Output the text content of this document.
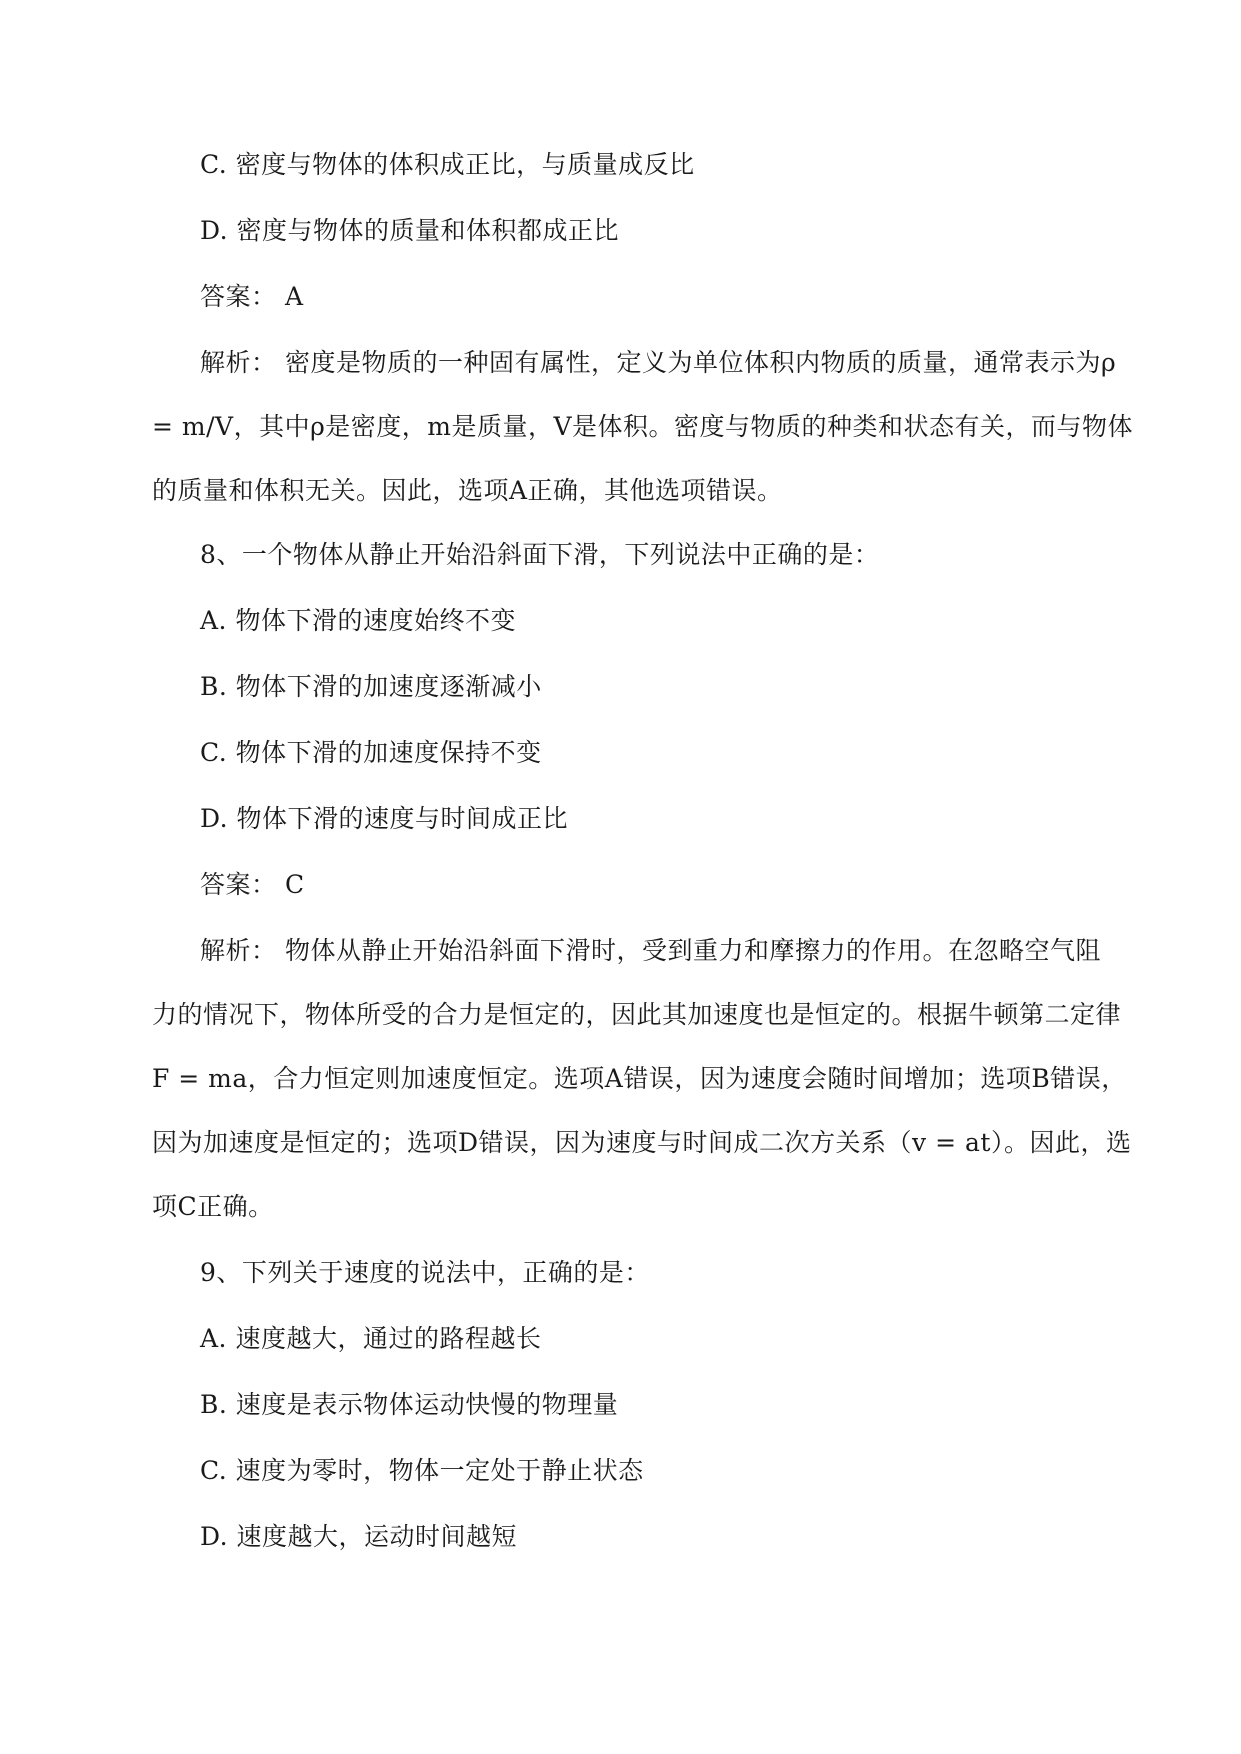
C. 密度与物体的体积成正比，与质量成反比
D. 密度与物体的质量和体积都成正比
答案： A
解析： 密度是物质的一种固有属性，定义为单位体积内物质的质量，通常表示为ρ
= m/V，其中ρ是密度，m是质量，V是体积。密度与物质的种类和状态有关，而与物体
的质量和体积无关。因此，选项A正确，其他选项错误。
8、一个物体从静止开始沿斜面下滑，下列说法中正确的是：
A. 物体下滑的速度始终不变
B. 物体下滑的加速度逐渐减小
C. 物体下滑的加速度保持不变
D. 物体下滑的速度与时间成正比
答案： C
解析： 物体从静止开始沿斜面下滑时，受到重力和摩擦力的作用。在忽略空气阻
力的情况下，物体所受的合力是恒定的，因此其加速度也是恒定的。根据牛顿第二定律
F = ma，合力恒定则加速度恒定。选项A错误，因为速度会随时间增加；选项B错误，
因为加速度是恒定的；选项D错误，因为速度与时间成二次方关系（v = at）。因此，选
项C正确。
9、下列关于速度的说法中，正确的是：
A. 速度越大，通过的路程越长
B. 速度是表示物体运动快慢的物理量
C. 速度为零时，物体一定处于静止状态
D. 速度越大，运动时间越短
